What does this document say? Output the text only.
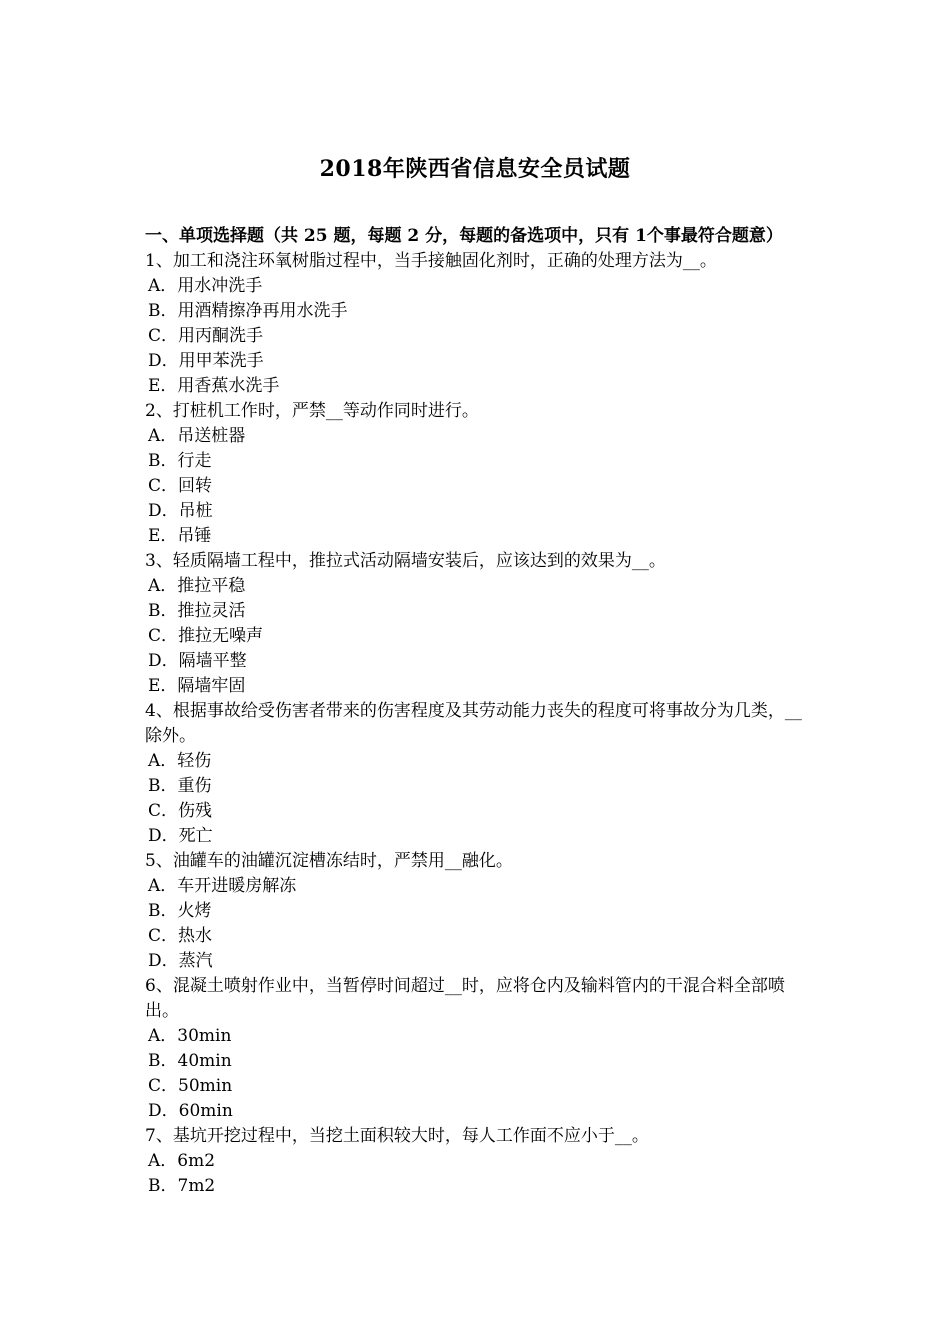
2018年陕西省信息安全员试题

一、单项选择题（共 25 题，每题 2 分，每题的备选项中，只有 1个事最符合题意）

1、加工和浇注环氧树脂过程中，当手接触固化剂时，正确的处理方法为__。

A．用水冲洗手
B．用酒精擦净再用水洗手
C．用丙酮洗手
D．用甲苯洗手
E．用香蕉水洗手

2、打桩机工作时，严禁__等动作同时进行。

A．吊送桩器
B．行走
C．回转
D．吊桩
E．吊锤

3、轻质隔墙工程中，推拉式活动隔墙安装后，应该达到的效果为__。

A．推拉平稳
B．推拉灵活
C．推拉无噪声
D．隔墙平整
E．隔墙牢固

4、根据事故给受伤害者带来的伤害程度及其劳动能力丧失的程度可将事故分为几类，__除外。

A．轻伤
B．重伤
C．伤残
D．死亡

5、油罐车的油罐沉淀槽冻结时，严禁用__融化。

A．车开进暖房解冻
B．火烤
C．热水
D．蒸汽

6、混凝土喷射作业中，当暂停时间超过__时，应将仓内及输料管内的干混合料全部喷出。

A．30min
B．40min
C．50min
D．60min

7、基坑开挖过程中，当挖土面积较大时，每人工作面不应小于__。

A．6m2
B．7m2
